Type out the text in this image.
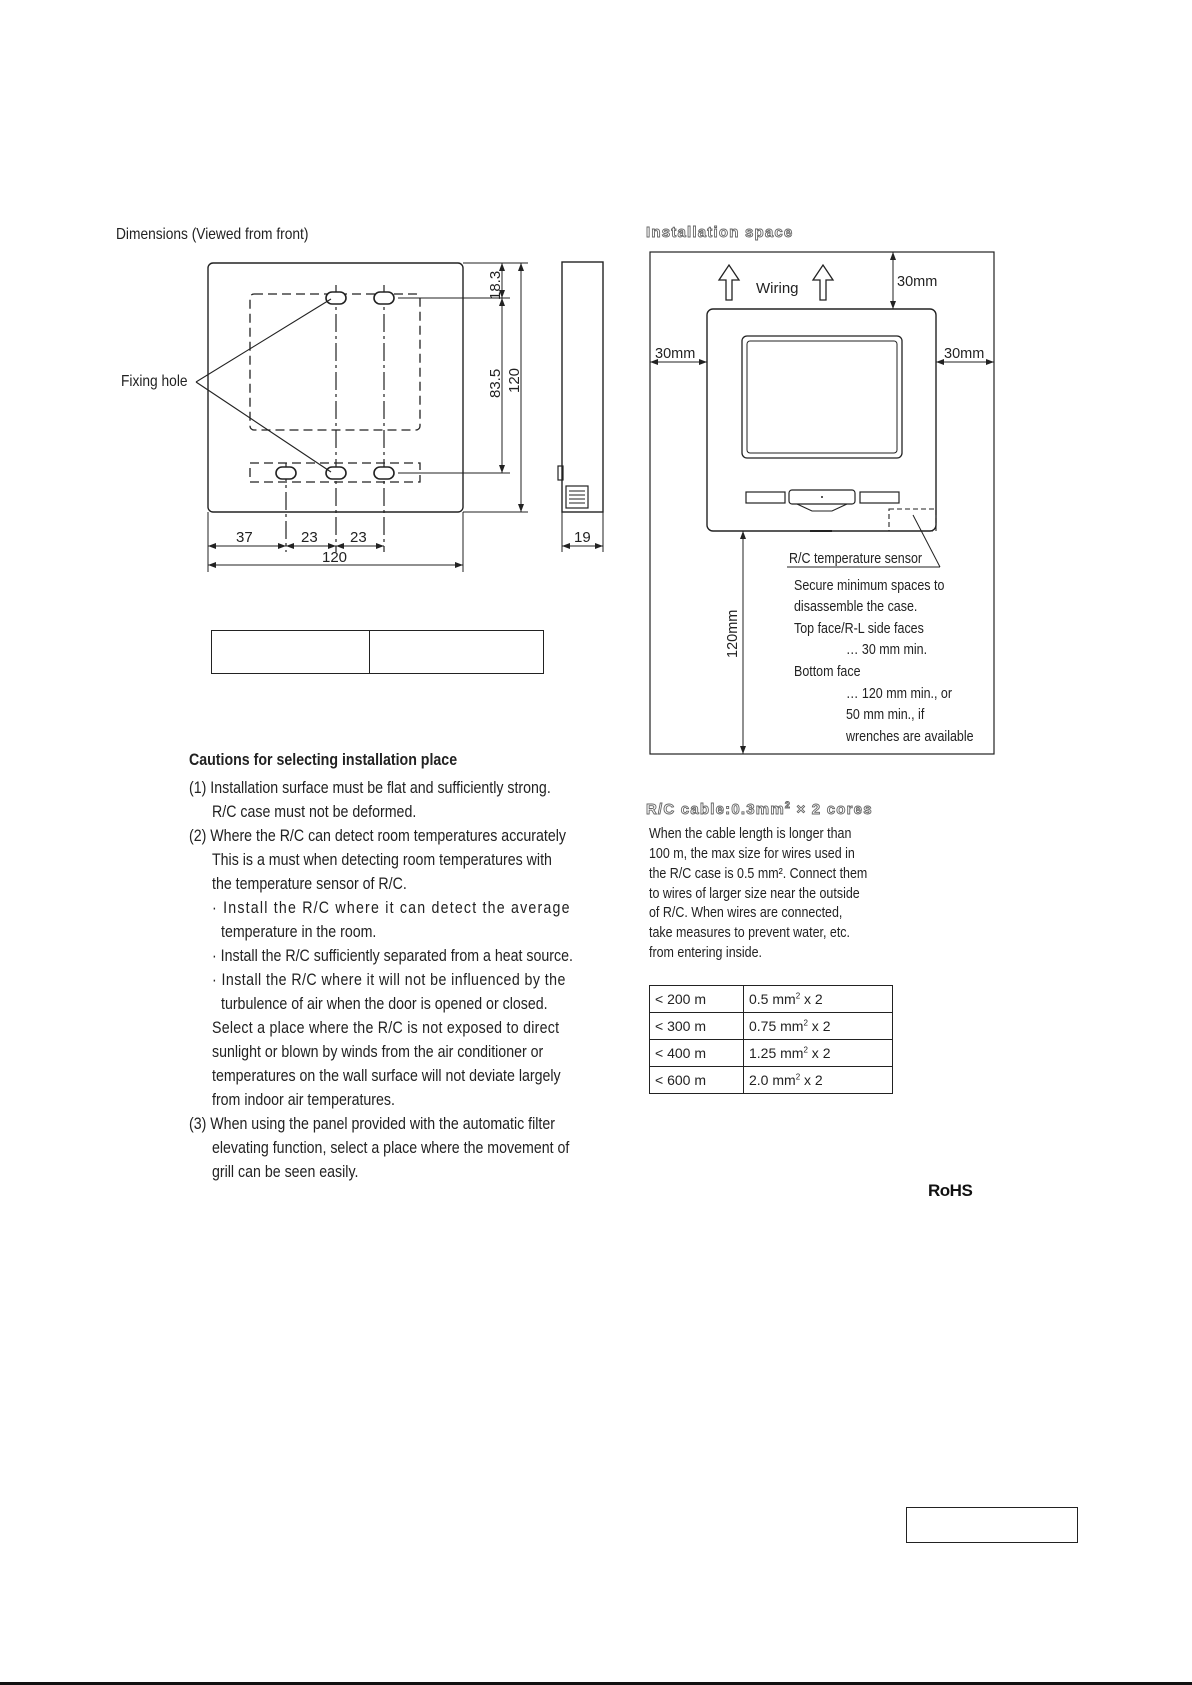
Dimensions (Viewed from front)
18.3
83.5 120
19
37	23 23
120
Fixing hole
Cautions for selecting installation place
(1) Installation surface must be flat and sufficiently strong.
R/C case must not be deformed.
(2) Where the R/C can detect room temperatures accurately
This is a must when detecting room temperatures with
the temperature sensor of R/C.
· Install the R/C where it can detect the average
temperature in the room.
· Install the R/C sufficiently separated from a heat source.
· Install the R/C where it will not be influenced by the
turbulence of air when the door is opened or closed.
Select a place where the R/C is not exposed to direct
sunlight or blown by winds from the air conditioner or
temperatures on the wall surface will not deviate largely
from indoor air temperatures.
(3) When using the panel provided with the automatic filter
elevating function, select a place where the movement of
grill can be seen easily.
Installation space
Wiring	30mm
30mm	30mm
120mm
R/C temperature sensor
Secure minimum spaces to
disassemble the case.
Top face/R-L side faces
… 30 mm min.
Bottom face
… 120 mm min., or
50 mm min., if
wrenches are available
R/C $cable:0.3mm^2 \times 2$ cores
When the cable length is longer than
100 m, the max size for wires used in
the R/C case is 0.5 mm². Connect them
to wires of larger size near the outside
of R/C. When wires are connected,
take measures to prevent water, etc.
from entering inside.
< 200 m	0.5 $mm^2$ x 2
< 300 m	0.75 $mm^2$ x 2
< 400 m	1.25 $mm^2$ x 2
< 600 m	2.0 $mm^2$ x 2
RoHS
